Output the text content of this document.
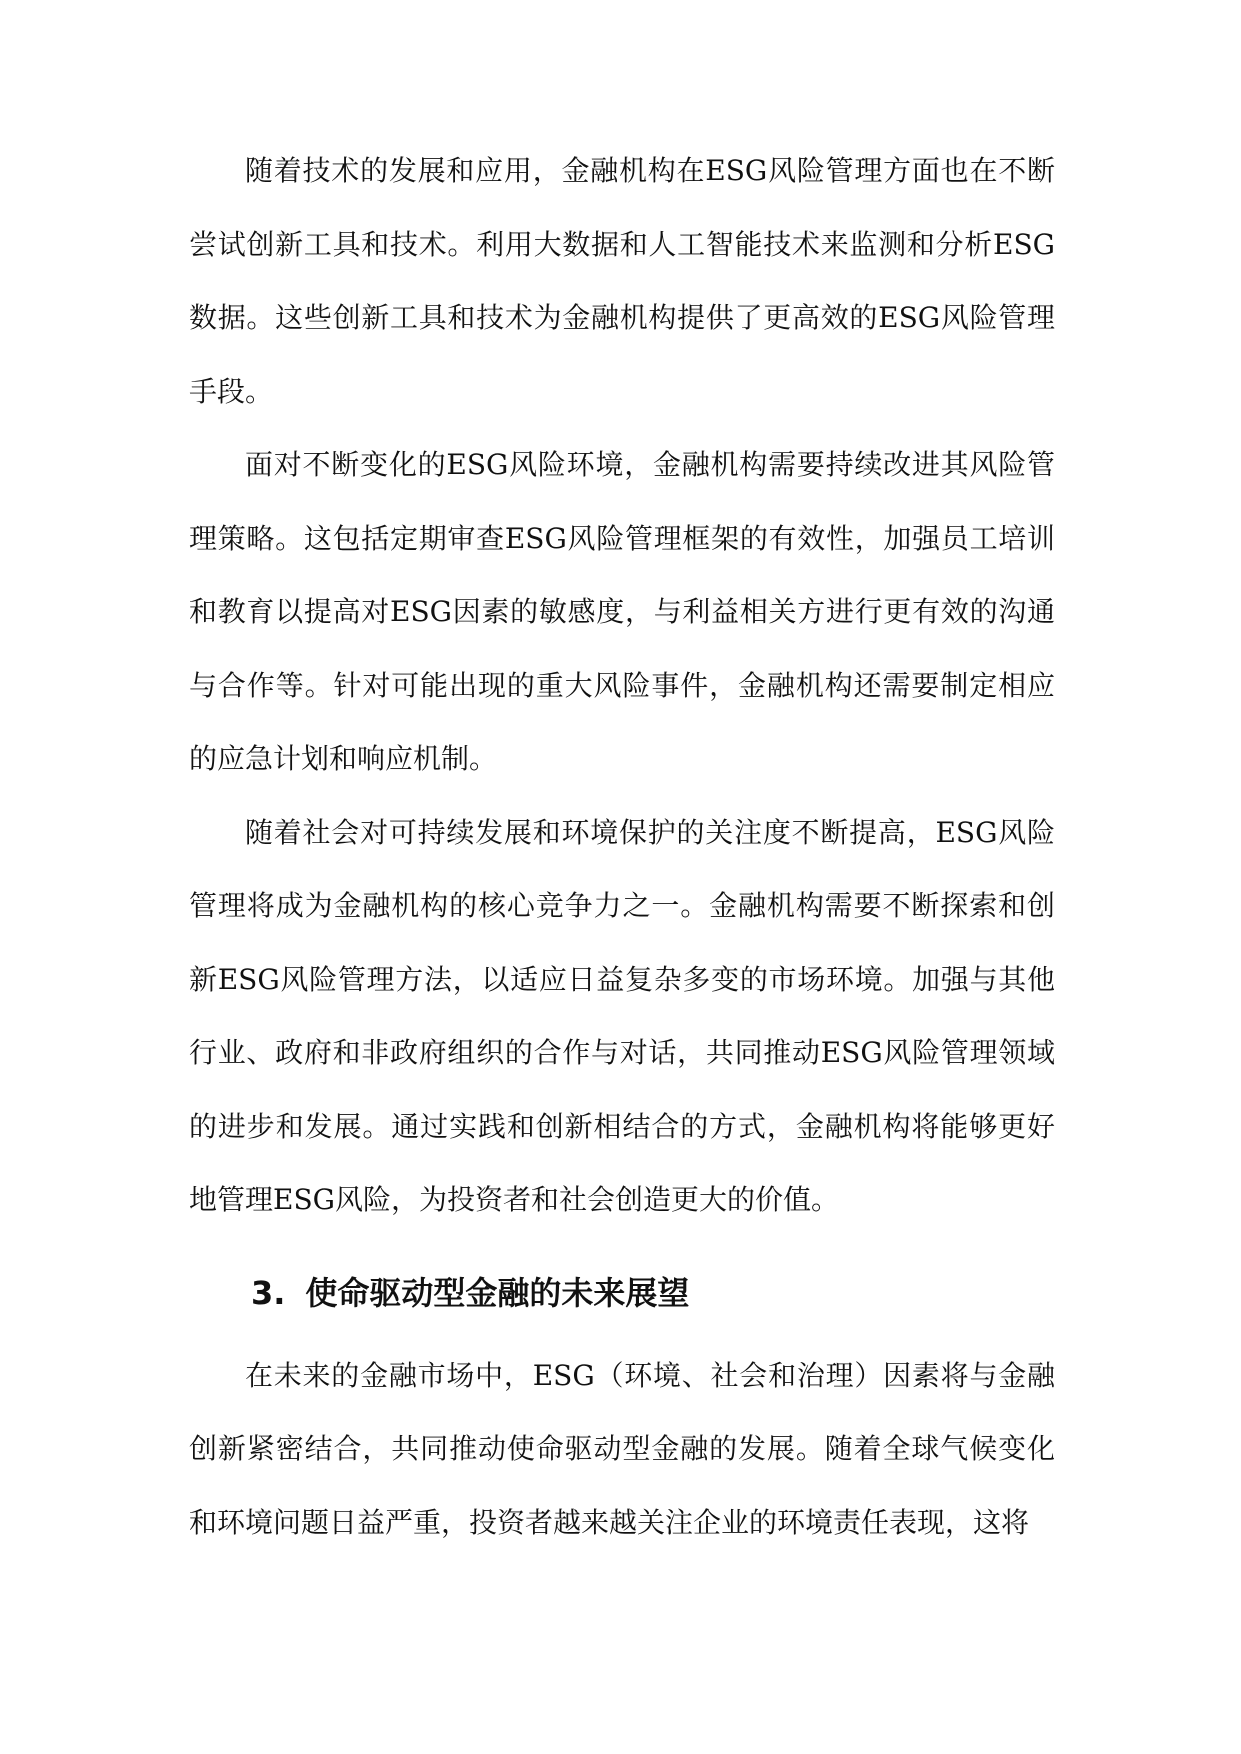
随着技术的发展和应用，金融机构在ESG风险管理方面也在不断尝试创新工具和技术。利用大数据和人工智能技术来监测和分析ESG数据。这些创新工具和技术为金融机构提供了更高效的ESG风险管理手段。

面对不断变化的ESG风险环境，金融机构需要持续改进其风险管理策略。这包括定期审查ESG风险管理框架的有效性，加强员工培训和教育以提高对ESG因素的敏感度，与利益相关方进行更有效的沟通与合作等。针对可能出现的重大风险事件，金融机构还需要制定相应的应急计划和响应机制。

随着社会对可持续发展和环境保护的关注度不断提高，ESG风险管理将成为金融机构的核心竞争力之一。金融机构需要不断探索和创新ESG风险管理方法，以适应日益复杂多变的市场环境。加强与其他行业、政府和非政府组织的合作与对话，共同推动ESG风险管理领域的进步和发展。通过实践和创新相结合的方式，金融机构将能够更好地管理ESG风险，为投资者和社会创造更大的价值。

3. 使命驱动型金融的未来展望

在未来的金融市场中，ESG（环境、社会和治理）因素将与金融创新紧密结合，共同推动使命驱动型金融的发展。随着全球气候变化和环境问题日益严重，投资者越来越关注企业的环境责任表现，这将
